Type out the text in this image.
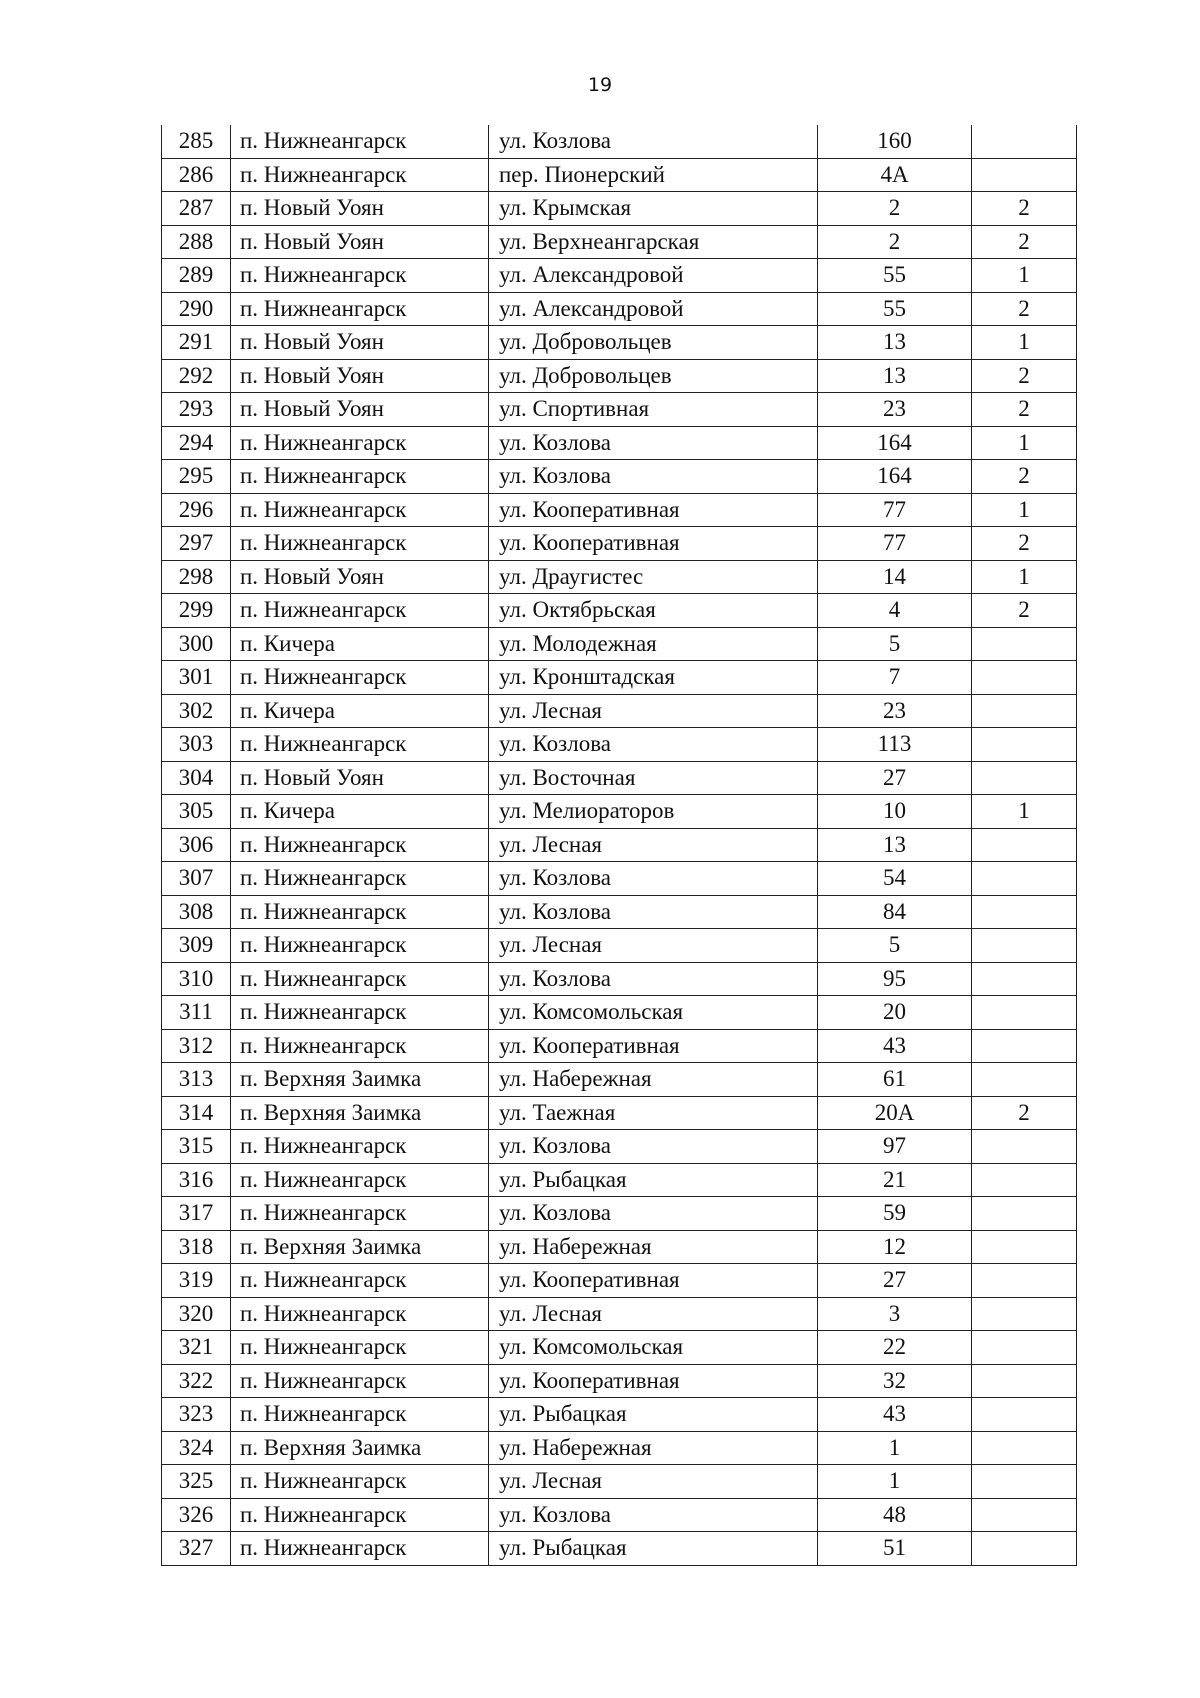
19
285	п. Нижнеангарск	ул. Козлова	160	
286	п. Нижнеангарск	пер. Пионерский	4А	
287	п. Новый Уоян	ул. Крымская	2	2
288	п. Новый Уоян	ул. Верхнеангарская	2	2
289	п. Нижнеангарск	ул. Александровой	55	1
290	п. Нижнеангарск	ул. Александровой	55	2
291	п. Новый Уоян	ул. Добровольцев	13	1
292	п. Новый Уоян	ул. Добровольцев	13	2
293	п. Новый Уоян	ул. Спортивная	23	2
294	п. Нижнеангарск	ул. Козлова	164	1
295	п. Нижнеангарск	ул. Козлова	164	2
296	п. Нижнеангарск	ул. Кооперативная	77	1
297	п. Нижнеангарск	ул. Кооперативная	77	2
298	п. Новый Уоян	ул. Драугистес	14	1
299	п. Нижнеангарск	ул. Октябрьская	4	2
300	п. Кичера	ул. Молодежная	5	
301	п. Нижнеангарск	ул. Кронштадская	7	
302	п. Кичера	ул. Лесная	23	
303	п. Нижнеангарск	ул. Козлова	113	
304	п. Новый Уоян	ул. Восточная	27	
305	п. Кичера	ул. Мелиораторов	10	1
306	п. Нижнеангарск	ул. Лесная	13	
307	п. Нижнеангарск	ул. Козлова	54	
308	п. Нижнеангарск	ул. Козлова	84	
309	п. Нижнеангарск	ул. Лесная	5	
310	п. Нижнеангарск	ул. Козлова	95	
311	п. Нижнеангарск	ул. Комсомольская	20	
312	п. Нижнеангарск	ул. Кооперативная	43	
313	п. Верхняя Заимка	ул. Набережная	61	
314	п. Верхняя Заимка	ул. Таежная	20А	2
315	п. Нижнеангарск	ул. Козлова	97	
316	п. Нижнеангарск	ул. Рыбацкая	21	
317	п. Нижнеангарск	ул. Козлова	59	
318	п. Верхняя Заимка	ул. Набережная	12	
319	п. Нижнеангарск	ул. Кооперативная	27	
320	п. Нижнеангарск	ул. Лесная	3	
321	п. Нижнеангарск	ул. Комсомольская	22	
322	п. Нижнеангарск	ул. Кооперативная	32	
323	п. Нижнеангарск	ул. Рыбацкая	43	
324	п. Верхняя Заимка	ул. Набережная	1	
325	п. Нижнеангарск	ул. Лесная	1	
326	п. Нижнеангарск	ул. Козлова	48	
327	п. Нижнеангарск	ул. Рыбацкая	51	
